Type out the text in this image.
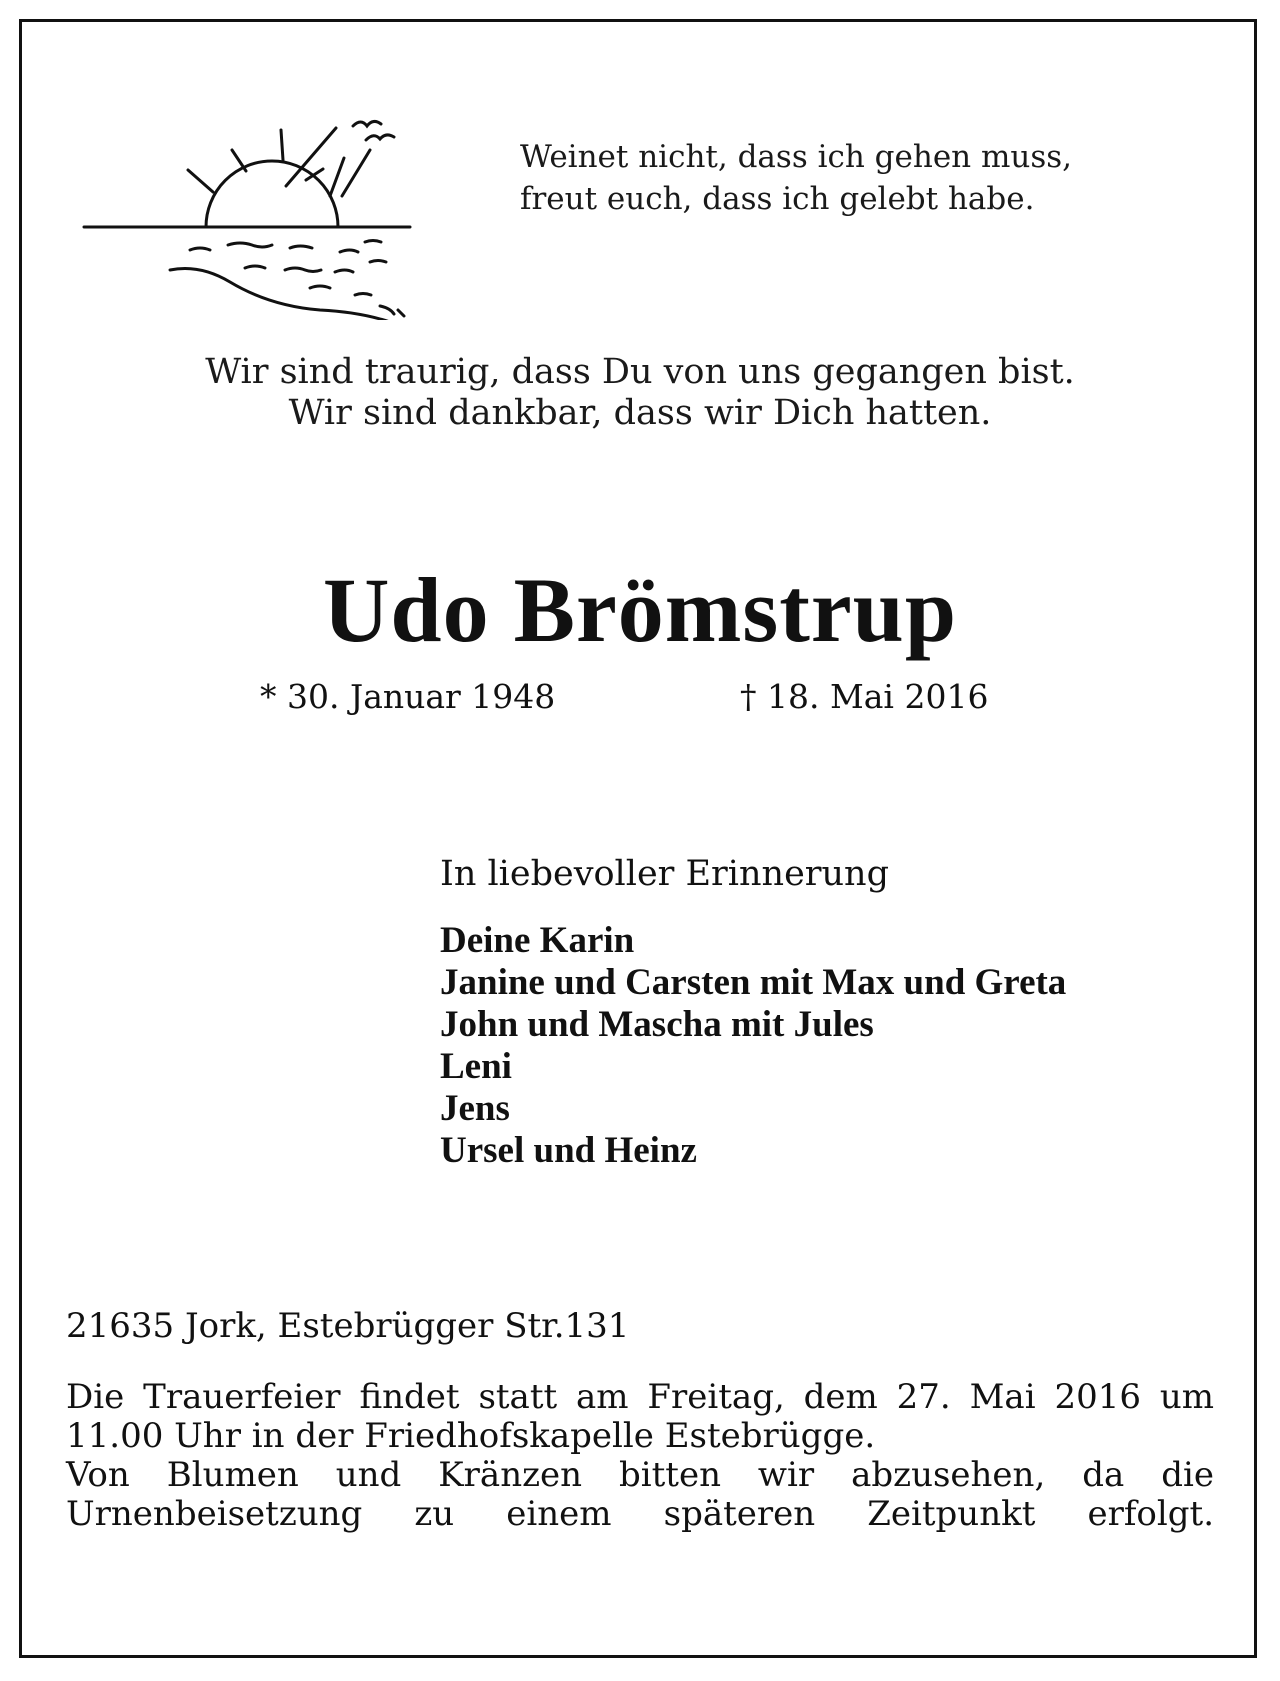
Weinet nicht, dass ich gehen muss,
freut euch, dass ich gelebt habe.
Wir sind traurig, dass Du von uns gegangen bist.
Wir sind dankbar, dass wir Dich hatten.
Udo Brömstrup
* 30. Januar 1948	† 18. Mai 2016
In liebevoller Erinnerung
Deine Karin
Janine und Carsten mit Max und Greta
John und Mascha mit Jules
Leni
Jens
Ursel und Heinz
21635 Jork, Estebrügger Str.131
Die Trauerfeier findet statt am Freitag, dem 27. Mai 2016 um
11.00 Uhr in der Friedhofskapelle Estebrügge.
Von Blumen und Kränzen bitten wir abzusehen, da die
Urnenbeisetzung zu einem späteren Zeitpunkt erfolgt.
